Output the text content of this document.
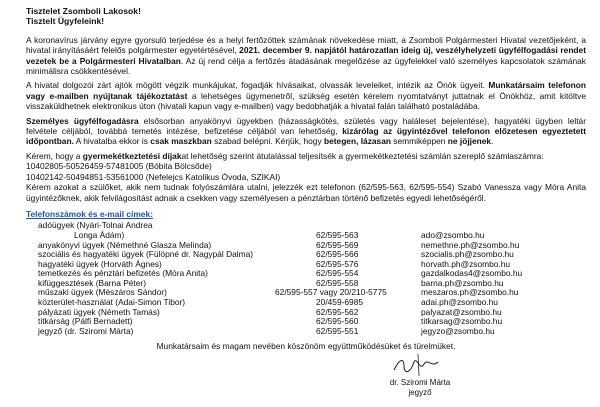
Tisztelet Zsomboli Lakosok!
Tisztelt Ügyfeleink!

A koronavírus járvány egyre gyorsuló terjedése és a helyi fertőzöttek számának növekedése miatt, a Zsomboli Polgármesteri Hivatal vezetőjeként, a hivatal irányításáért felelős polgármester egyetértésével, 2021. december 9. napjától határozatlan ideig új, veszélyhelyzeti ügyfélfogadási rendet vezetek be a Polgármesteri Hivatalban. Az új rend célja a fertőzés átadásának megelőzése az ügyfelekkel való személyes kapcsolatok számának minimálisra csökkentésével.

A hivatal dolgozói zárt ajtók mögött végzik munkájukat, fogadják hívásaikat, olvassák leveleiket, intézik az Önök ügyeit. Munkatársaim telefonon vagy e-mailben nyújtanak tájékoztatást a lehetséges ügymenetről, szükség esetén kérelem nyomtatványt juttatnak el Önökhöz, amit kitöltve visszaküldhetnek elektronikus úton (hivatali kapun vagy e-mailben) vagy bedobhatják a hivatal falán található postaládába.

Személyes ügyfélfogadásra elsősorban anyakönyvi ügyekben (házasságkötés, születés vagy haláleset bejelentése), hagyatéki ügyben leltár felvétele céljából, továbbá temetés intézése, befizetése céljából van lehetőség, kizárólag az ügyintézővel telefonon előzetesen egyeztetett időpontban. A hivatalba ekkor is csak maszkban szabad belépni. Kérjük, hogy betegen, lázasan semmiképpen ne jöjjenek.

Kérem, hogy a gyermekétkeztetési díjakat lehetőség szerint átutalással teljesítsék a gyermekétkeztetési számlán szereplő számlaszámra:
10402805-50526459-57481005 (Bóbita Bölcsőde)
10402142-50494851-53561000 (Nefelejcs Katolikus Óvoda, SZIKAI)
Kérem azokat a szülőket, akik nem tudnak folyószámlára utalni, jelezzék ezt telefonon (62/595-563, 62/595-554) Szabó Vanessza vagy Móra Anita ügyintézőknek, akik felvilágosítást adnak a csekken vagy személyesen a pénztárban történő befizetés egyedi lehetőségéről.
Telefonszámok és e-mail címek:
adóügyek (Nyári-Tolnai Andrea
Longa Ádám)	62/595-563	ado@zsombo.hu
anyakönyvi ügyek (Némethné Glasza Melinda)	62/595-569	nemethne.ph@zsombo.hu
szociális és hagyatéki ügyek (Fülöpné dr. Nagypál Dalma)	62/595-566	szocialis.ph@zsombo.hu
hagyatéki ügyek (Horváth Ágnes)	62/595-576	horvath.ph@zsombo.hu
temetkezés és pénztári befizetés (Móra Anita)	62/595-554	gazdalkodas4@zsombo.hu
kifüggesztések (Barna Péter)	62/595-558	barna.ph@zsombo.hu
műszaki ügyek (Mészáros Sándor)	62/595-557 vagy 20/210-5775	meszaros.ph@zsombo.hu
közterület-használat (Adai-Simon Tibor)	20/459-6985	adai.ph@zsombo.hu
pályázati ügyek (Németh Tamás)	62/595-562	palyazat@zsombo.hu
titkárság (Pálfi Bernadett)	62/595-560	titkarsag@zsombo.hu
jegyző (dr. Sziromi Márta)	62/595-551	jegyzo@zsombo.hu
Munkatársaim és magam nevében köszönöm együttműködésüket és türelmüket.
dr. Sziromi Márta
jegyző
